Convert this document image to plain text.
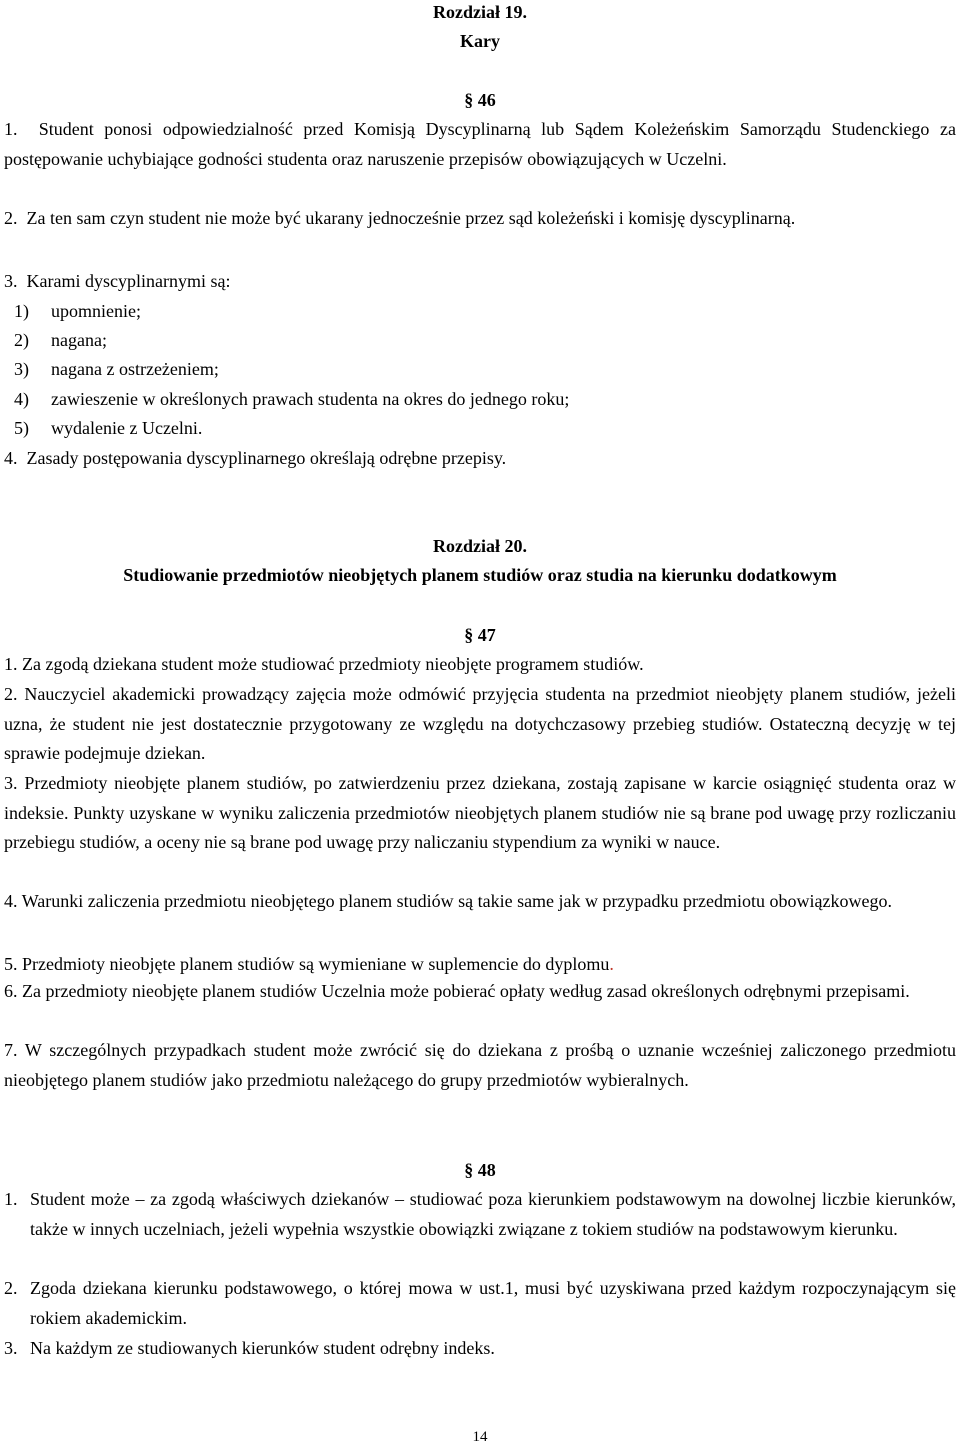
Rozdział 19.
Kary
§ 46
1. Student ponosi odpowiedzialność przed Komisją Dyscyplinarną lub Sądem Koleżeńskim Samorządu Studenckiego za postępowanie uchybiające godności studenta oraz naruszenie przepisów obowiązujących w Uczelni.
2. Za ten sam czyn student nie może być ukarany jednocześnie przez sąd koleżeński i komisję dyscyplinarną.
3. Karami dyscyplinarnymi są:
1) upomnienie;
2) nagana;
3) nagana z ostrzeżeniem;
4) zawieszenie w określonych prawach studenta na okres do jednego roku;
5) wydalenie z Uczelni.
4. Zasady postępowania dyscyplinarnego określają odrębne przepisy.
Rozdział 20.
Studiowanie przedmiotów nieobjętych planem studiów oraz studia na kierunku dodatkowym
§ 47
1. Za zgodą dziekana student może studiować przedmioty nieobjęte programem studiów.
2. Nauczyciel akademicki prowadzący zajęcia może odmówić przyjęcia studenta na przedmiot nieobjęty planem studiów, jeżeli uzna, że student nie jest dostatecznie przygotowany ze względu na dotychczasowy przebieg studiów. Ostateczną decyzję w tej sprawie podejmuje dziekan.
3. Przedmioty nieobjęte planem studiów, po zatwierdzeniu przez dziekana, zostają zapisane w karcie osiągnięć studenta oraz w indeksie. Punkty uzyskane w wyniku zaliczenia przedmiotów nieobjętych planem studiów nie są brane pod uwagę przy rozliczaniu przebiegu studiów, a oceny nie są brane pod uwagę przy naliczaniu stypendium za wyniki w nauce.
4. Warunki zaliczenia przedmiotu nieobjętego planem studiów są takie same jak w przypadku przedmiotu obowiązkowego.
5. Przedmioty nieobjęte planem studiów są wymieniane w suplemencie do dyplomu.
6. Za przedmioty nieobjęte planem studiów Uczelnia może pobierać opłaty według zasad określonych odrębnymi przepisami.
7. W szczególnych przypadkach student może zwrócić się do dziekana z prośbą o uznanie wcześniej zaliczonego przedmiotu nieobjętego planem studiów jako przedmiotu należącego do grupy przedmiotów wybieralnych.
§ 48
1. Student może – za zgodą właściwych dziekanów – studiować poza kierunkiem podstawowym na dowolnej liczbie kierunków, także w innych uczelniach, jeżeli wypełnia wszystkie obowiązki związane z tokiem studiów na podstawowym kierunku.
2. Zgoda dziekana kierunku podstawowego, o której mowa w ust.1, musi być uzyskiwana przed każdym rozpoczynającym się rokiem akademickim.
3. Na każdym ze studiowanych kierunków student odrębny indeks.
14
